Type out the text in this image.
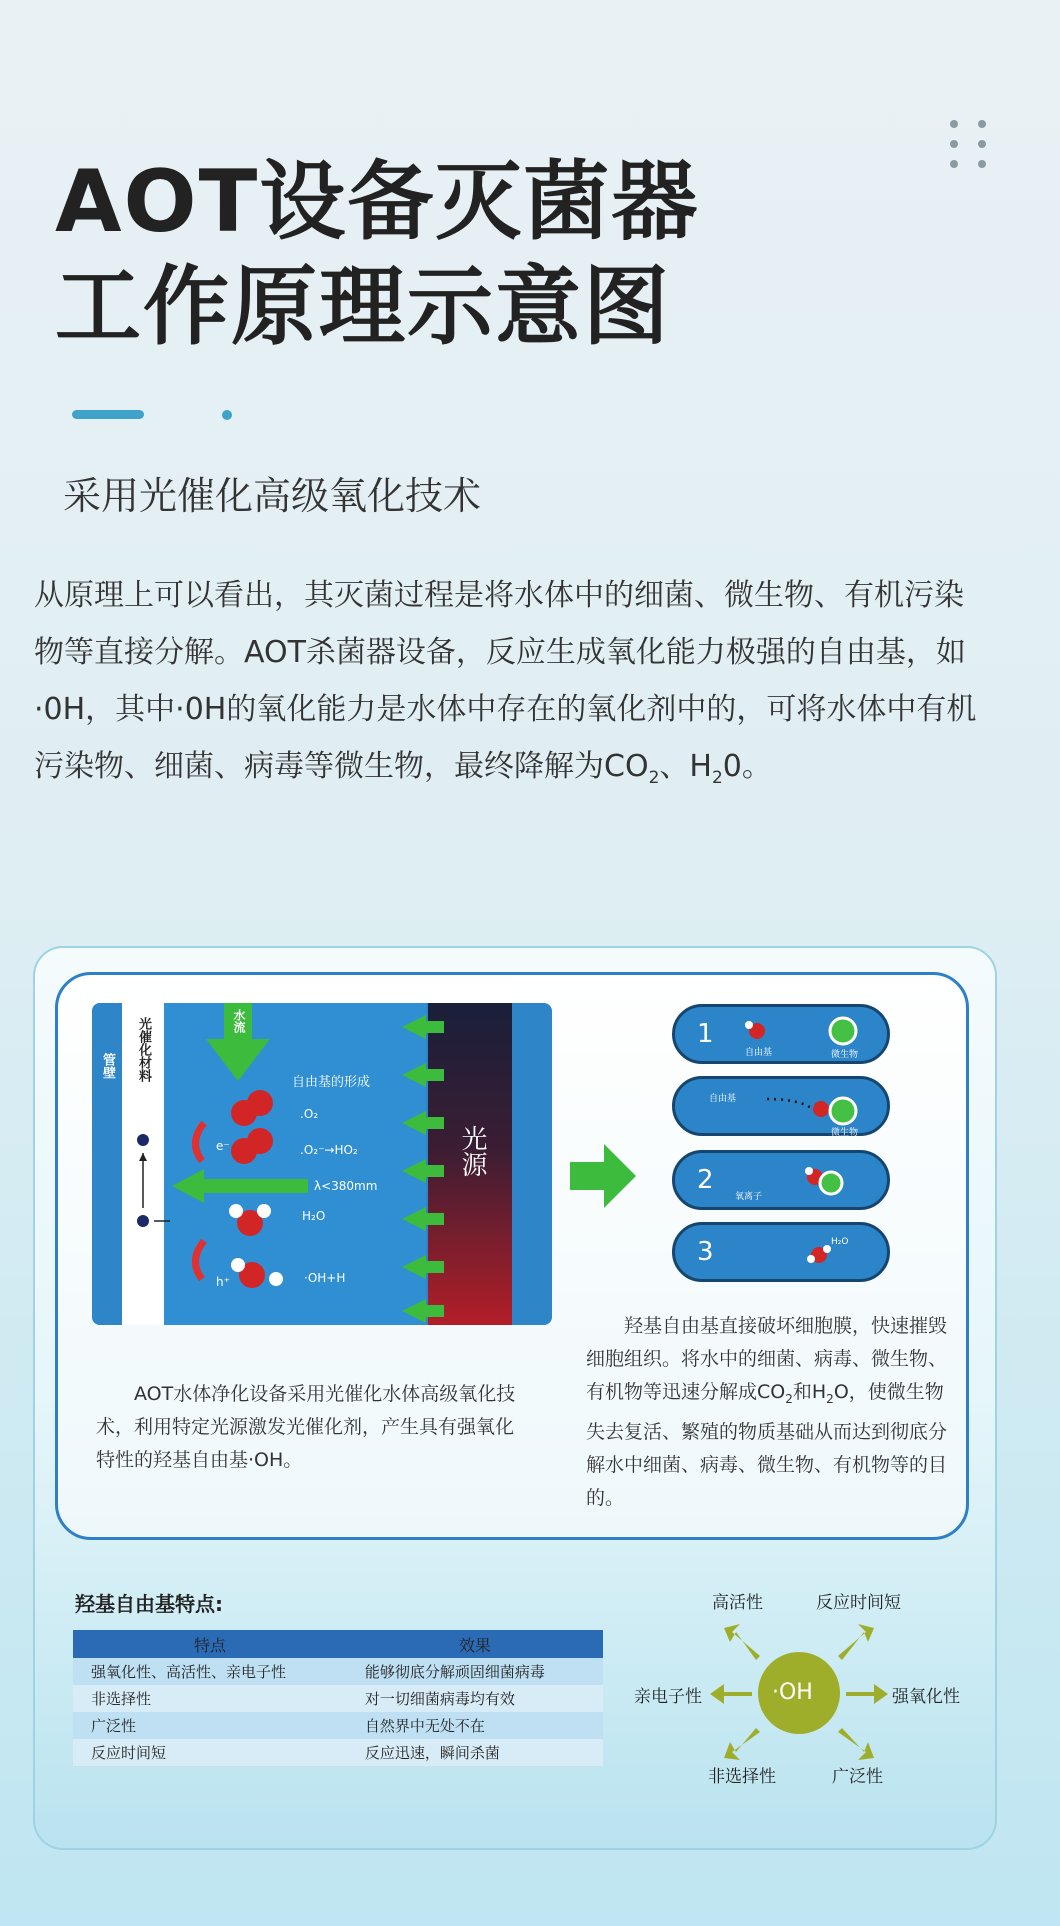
AOT设备灭菌器
工作原理示意图
采用光催化高级氧化技术
从原理上可以看出，其灭菌过程是将水体中的细菌、微生物、有机污染物等直接分解。AOT杀菌器设备，反应生成氧化能力极强的自由基，如·0H，其中·0H的氧化能力是水体中存在的氧化剂中的，可将水体中有机污染物、细菌、病毒等微生物，最终降解为$CO_2$、$H_20$。
管壁 光催化材料
光源
水流
自由基的形成
.O₂
.O₂⁻→HO₂
λ<380mm
H₂O
·OH+H
e⁻
h⁺
1
自由基	微生物
自由基
微生物
2
氧离子
3	H₂O
  AOT水体净化设备采用光催化水体高级氧化技术，利用特定光源激发光催化剂，产生具有强氧化特性的羟基自由基·OH。
  羟基自由基直接破坏细胞膜，快速摧毁细胞组织。将水中的细菌、病毒、微生物、有机物等迅速分解成$CO_2$和$H_2O$，使微生物失去复活、繁殖的物质基础从而达到彻底分解水中细菌、病毒、微生物、有机物等的目的。
羟基自由基特点:
特点	效果
强氧化性、高活性、亲电子性	能够彻底分解顽固细菌病毒
非选择性	对一切细菌病毒均有效
广泛性	自然界中无处不在
反应时间短	反应迅速，瞬间杀菌
·OH
高活性	反应时间短
亲电子性	强氧化性
非选择性	广泛性
